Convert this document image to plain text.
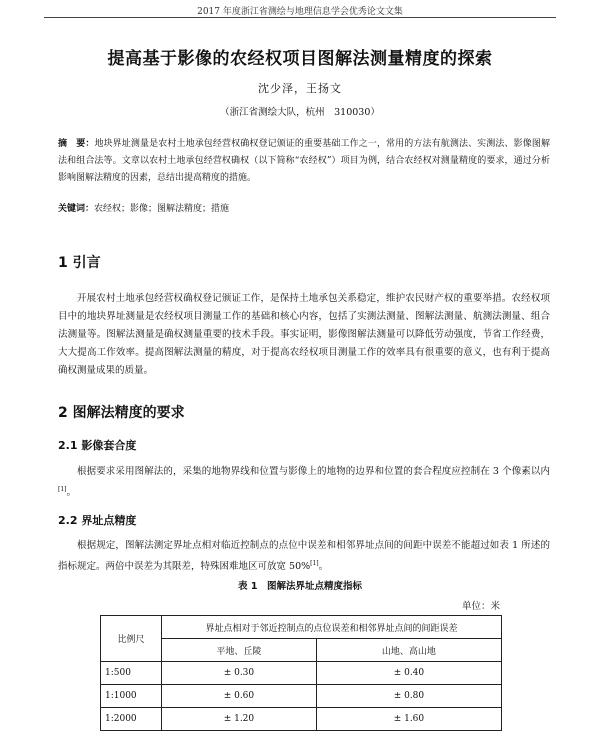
2017 年度浙江省测绘与地理信息学会优秀论文文集
提高基于影像的农经权项目图解法测量精度的探索
沈少泽，王扬文
（浙江省测绘大队，杭州　310030）
摘　要：地块界址测量是农村土地承包经营权确权登记颁证的重要基础工作之一，常用的方法有航测法、实测法、影像图解法和组合法等。文章以农村土地承包经营权确权（以下简称“农经权”）项目为例，结合农经权对测量精度的要求，通过分析影响图解法精度的因素，总结出提高精度的措施。
关键词：农经权；影像；图解法精度；措施
1 引言
开展农村土地承包经营权确权登记颁证工作，是保持土地承包关系稳定，维护农民财产权的重要举措。农经权项目中的地块界址测量是农经权项目测量工作的基础和核心内容，包括了实测法测量、图解法测量、航测法测量、组合法测量等。图解法测量是确权测量重要的技术手段。事实证明，影像图解法测量可以降低劳动强度，节省工作经费，大大提高工作效率。提高图解法测量的精度，对于提高农经权项目测量工作的效率具有很重要的意义，也有利于提高确权测量成果的质量。
2 图解法精度的要求
2.1 影像套合度
根据要求采用图解法的，采集的地物界线和位置与影像上的地物的边界和位置的套合程度应控制在 3 个像素以内[1]。
2.2 界址点精度
根据规定，图解法测定界址点相对临近控制点的点位中误差和相邻界址点间的间距中误差不能超过如表 1 所述的指标规定。两倍中误差为其限差，特殊困难地区可放宽 50%[1]。
表 1　图解法界址点精度指标
单位：米
比例尺	界址点相对于邻近控制点的点位误差和相邻界址点间的间距误差	
	平地、丘陵	山地、高山地
1:500	± 0.30	± 0.40
1:1000	± 0.60	± 0.80
1:2000	± 1.20	± 1.60
